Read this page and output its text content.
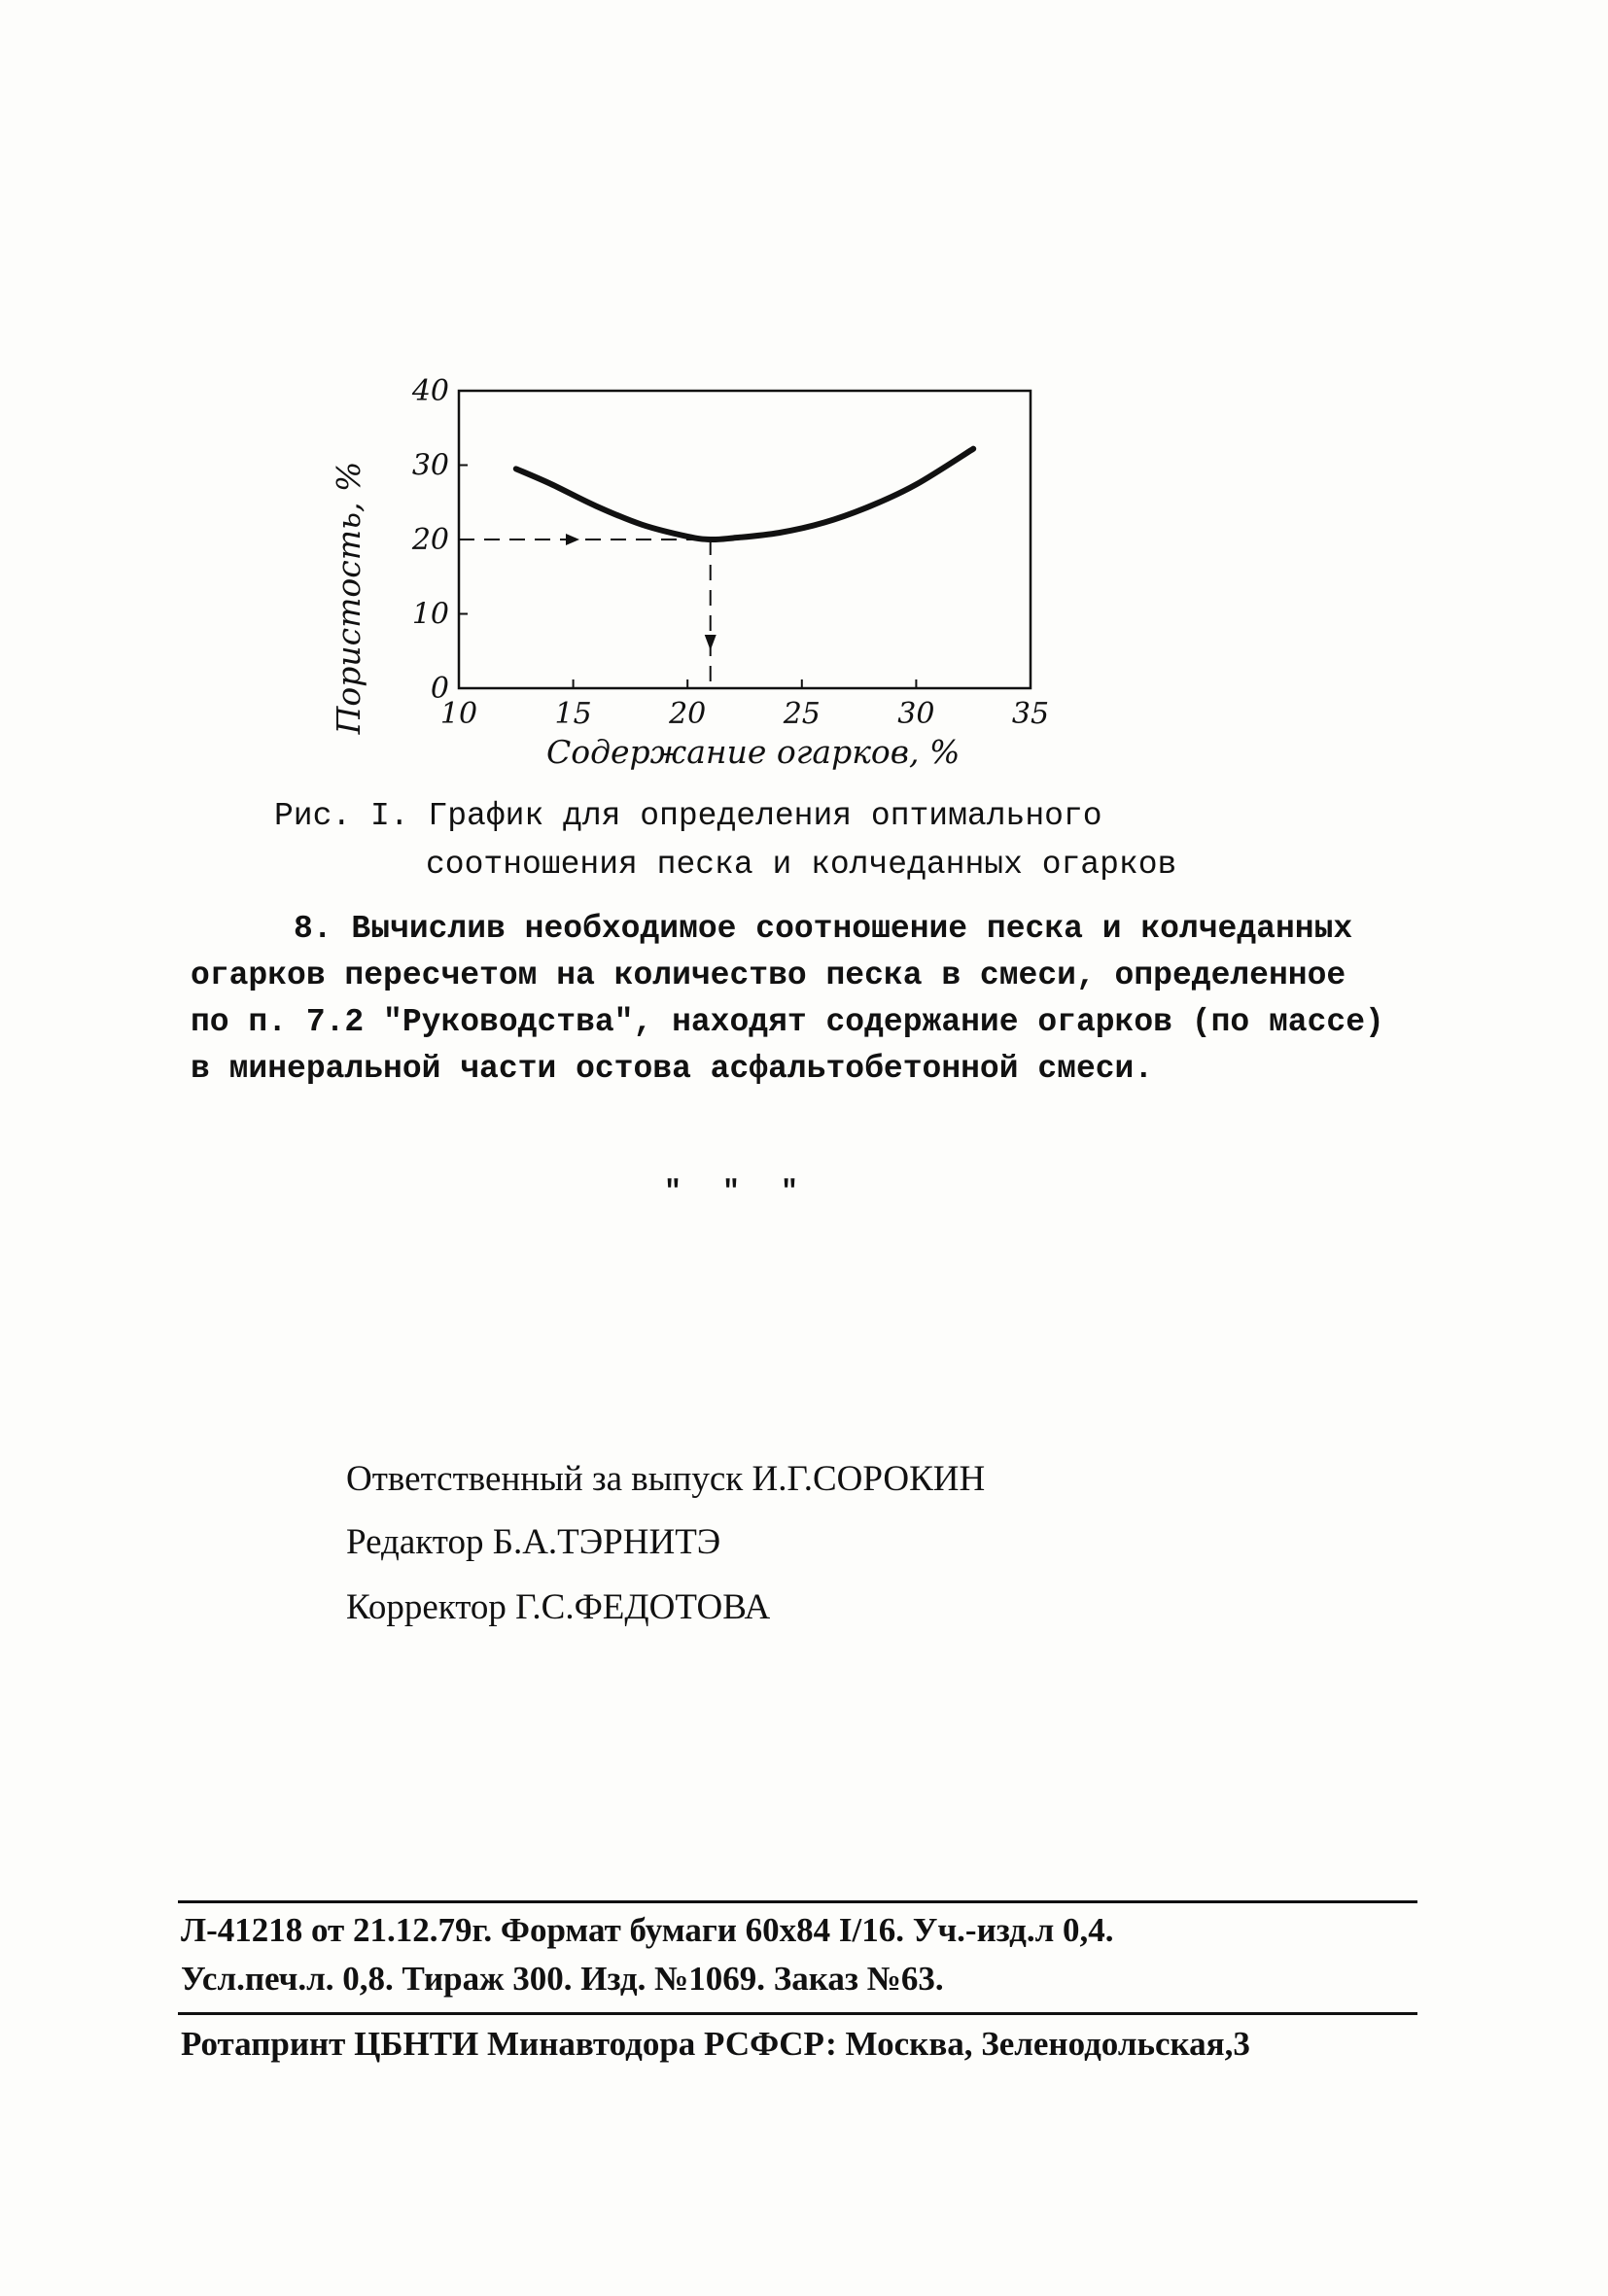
10	15	20	25	30	35
0
10
20
30
40
Содержание огарков, %
Пористость, %
Рис. I. График для определения оптимального
соотношения песка и колчеданных огарков
8. Вычислив необходимое соотношение песка и колчеданных
огарков пересчетом на количество песка в смеси, определенное
по п. 7.2 "Руководства", находят содержание огарков (по массе)
в минеральной части остова асфальтобетонной смеси.
" " "
Ответственный за выпуск И.Г.СОРОКИН
Редактор Б.А.ТЭРНИТЭ
Корректор Г.С.ФЕДОТОВА
Л-41218 от 21.12.79г. Формат бумаги 60х84 I/16. Уч.-изд.л 0,4.
Усл.печ.л. 0,8. Тираж 300. Изд. №1069. Заказ №63.
Ротапринт ЦБНТИ Минавтодора РСФСР: Москва, Зеленодольская,3
